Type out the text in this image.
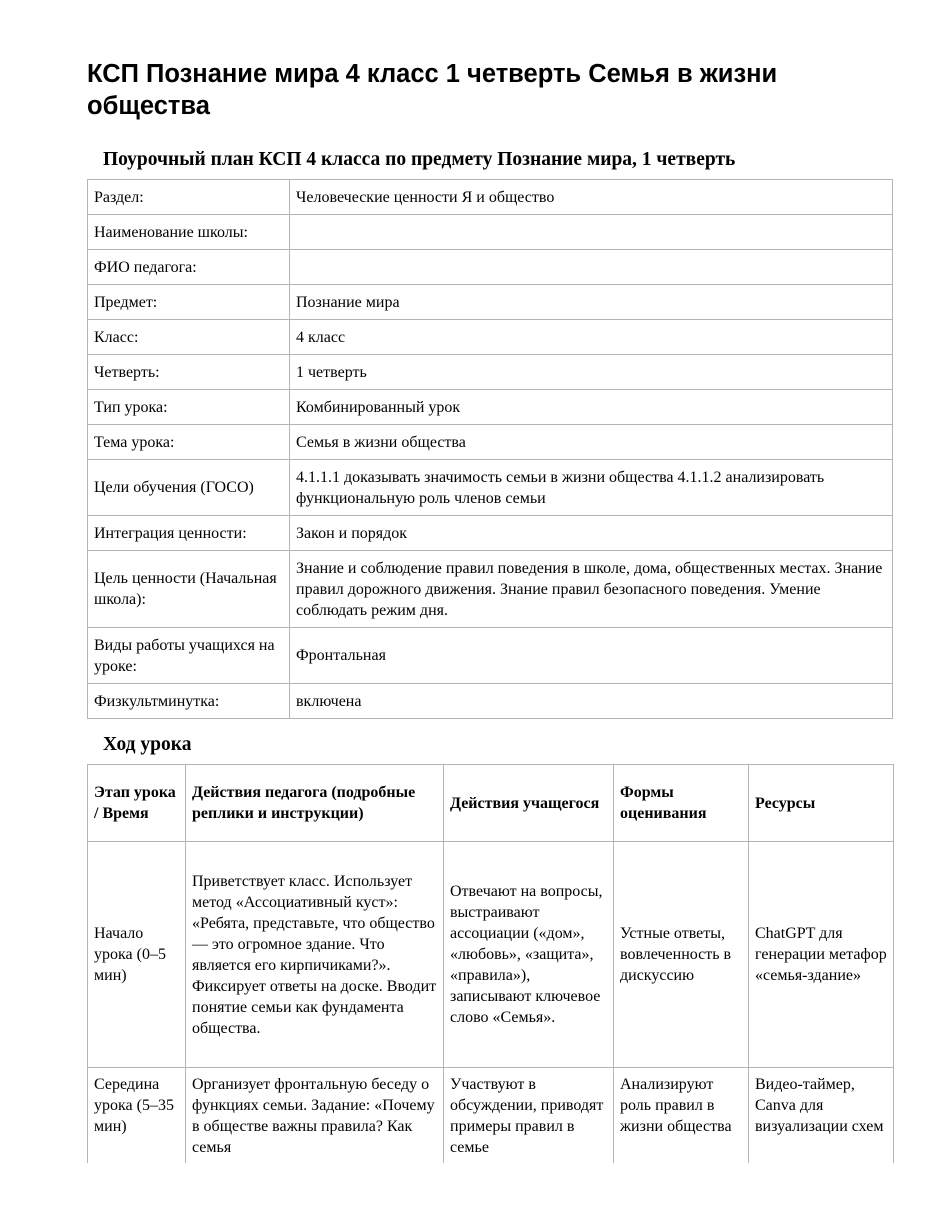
КСП Познание мира 4 класс 1 четверть Семья в жизни общества
Поурочный план КСП 4 класса по предмету Познание мира, 1 четверть
Раздел:	Человеческие ценности Я и общество
Наименование школы:	
ФИО педагога:	
Предмет:	Познание мира
Класс:	4 класс
Четверть:	1 четверть
Тип урока:	Комбинированный урок
Тема урока:	Семья в жизни общества
Цели обучения (ГОСО)	4.1.1.1 доказывать значимость семьи в жизни общества 4.1.1.2 анализировать функциональную роль членов семьи
Интеграция ценности:	Закон и порядок
Цель ценности (Начальная школа):	Знание и соблюдение правил поведения в школе, дома, общественных местах. Знание правил дорожного движения. Знание правил безопасного поведения. Умение соблюдать режим дня.
Виды работы учащихся на уроке:	Фронтальная
Физкультминутка:	включена
Ход урока
Этап урока / Время	Действия педагога (подробные реплики и инструкции)	Действия учащегося	Формы оценивания	Ресурсы
Начало урока (0–5 мин)	Приветствует класс. Использует метод «Ассоциативный куст»: «Ребята, представьте, что общество — это огромное здание. Что является его кирпичиками?». Фиксирует ответы на доске. Вводит понятие семьи как фундамента общества.	Отвечают на вопросы, выстраивают ассоциации («дом», «любовь», «защита», «правила»), записывают ключевое слово «Семья».	Устные ответы, вовлеченность в дискуссию	ChatGPT для генерации метафор «семья-здание»
Середина урока (5–35 мин)	Организует фронтальную беседу о функциях семьи. Задание: «Почему в обществе важны правила? Как семья	Участвуют в обсуждении, приводят примеры правил в семье	Анализируют роль правил в жизни общества	Видео-таймер, Canva для визуализации схем
